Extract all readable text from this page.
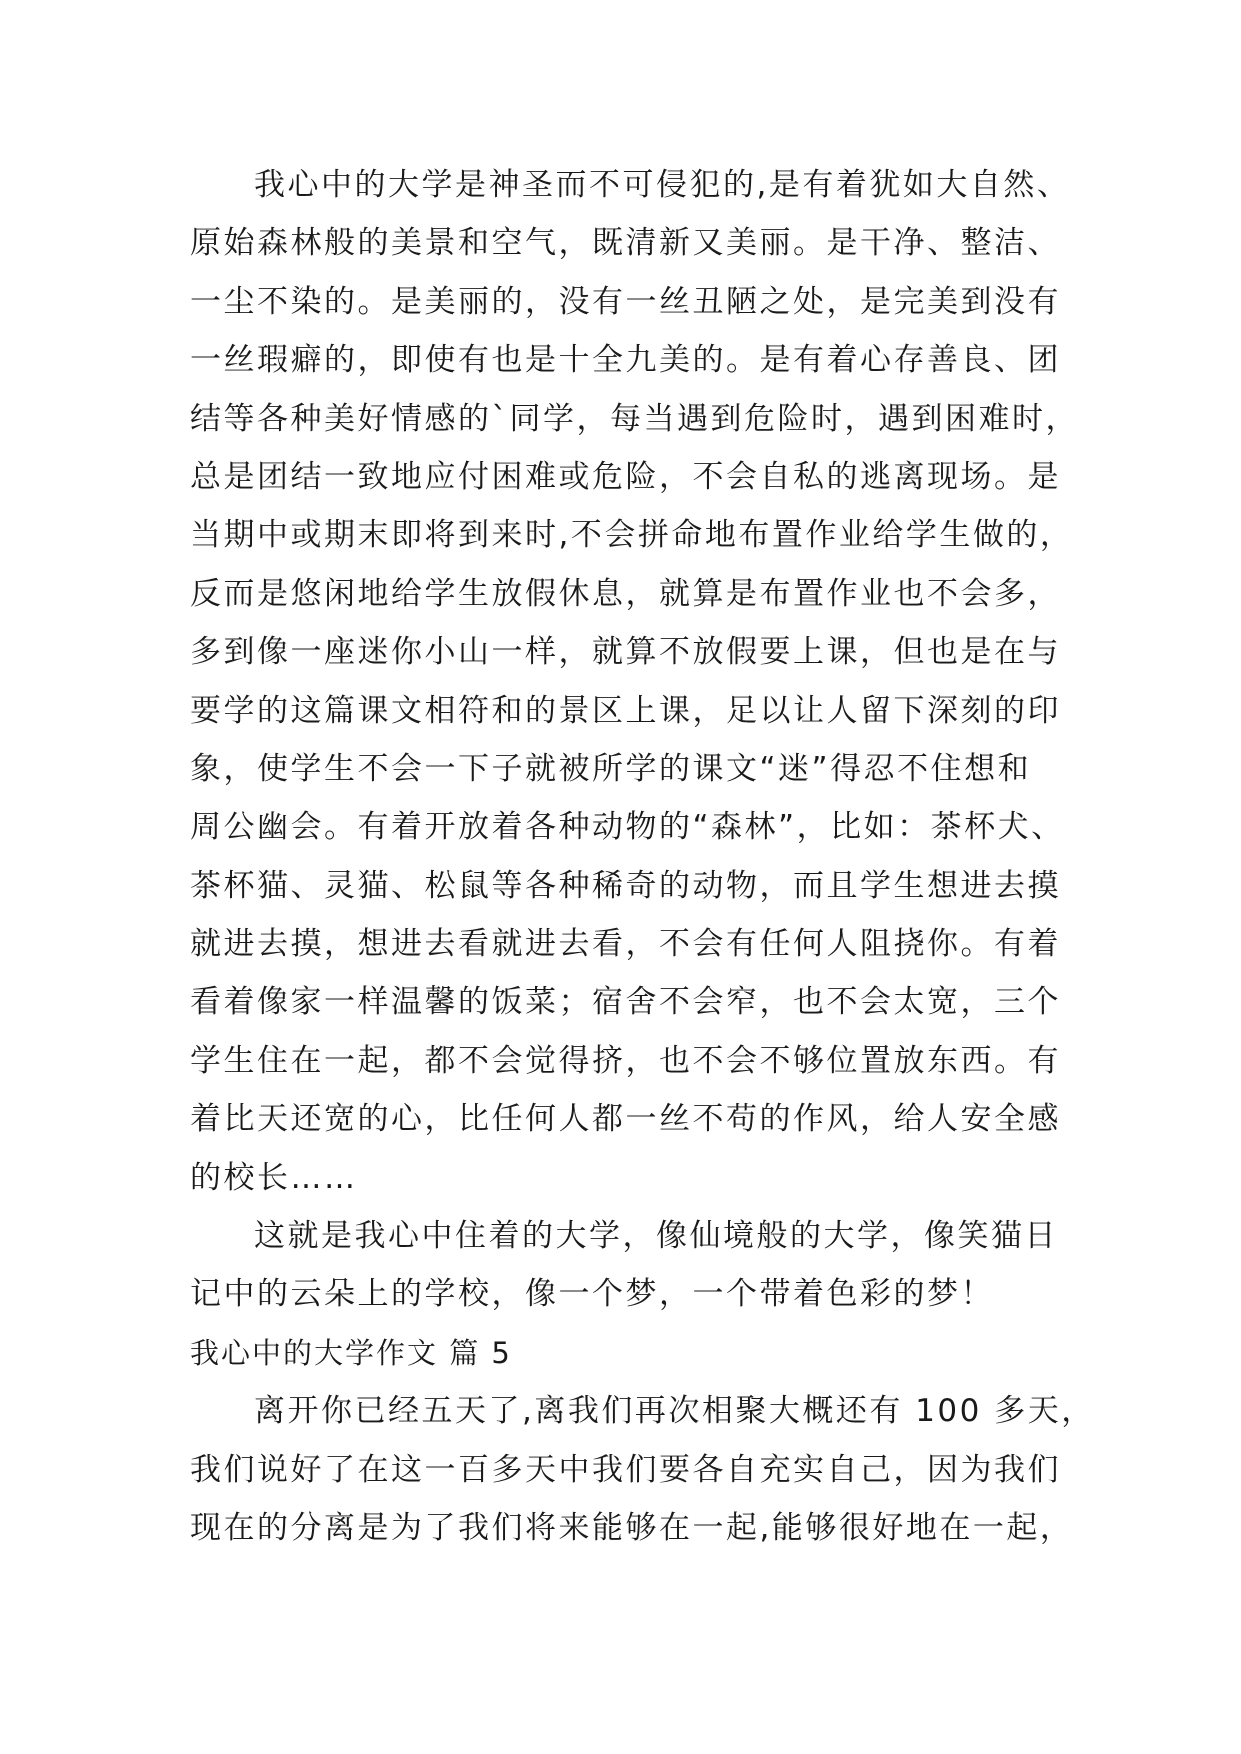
我心中的大学是神圣而不可侵犯的,是有着犹如大自然、
原始森林般的美景和空气，既清新又美丽。是干净、整洁、
一尘不染的。是美丽的，没有一丝丑陋之处，是完美到没有
一丝瑕癖的，即使有也是十全九美的。是有着心存善良、团
结等各种美好情感的`同学，每当遇到危险时，遇到困难时，
总是团结一致地应付困难或危险，不会自私的逃离现场。是
当期中或期末即将到来时,不会拼命地布置作业给学生做的，
反而是悠闲地给学生放假休息，就算是布置作业也不会多，
多到像一座迷你小山一样，就算不放假要上课，但也是在与
要学的这篇课文相符和的景区上课，足以让人留下深刻的印
象，使学生不会一下子就被所学的课文“迷”得忍不住想和
周公幽会。有着开放着各种动物的“森林”，比如：茶杯犬、
茶杯猫、灵猫、松鼠等各种稀奇的动物，而且学生想进去摸
就进去摸，想进去看就进去看，不会有任何人阻挠你。有着
看着像家一样温馨的饭菜；宿舍不会窄，也不会太宽，三个
学生住在一起，都不会觉得挤，也不会不够位置放东西。有
着比天还宽的心，比任何人都一丝不苟的作风，给人安全感
的校长……
这就是我心中住着的大学，像仙境般的大学，像笑猫日
记中的云朵上的学校，像一个梦，一个带着色彩的梦！
我心中的大学作文 篇 5
离开你已经五天了,离我们再次相聚大概还有 100 多天，
我们说好了在这一百多天中我们要各自充实自己，因为我们
现在的分离是为了我们将来能够在一起,能够很好地在一起，
